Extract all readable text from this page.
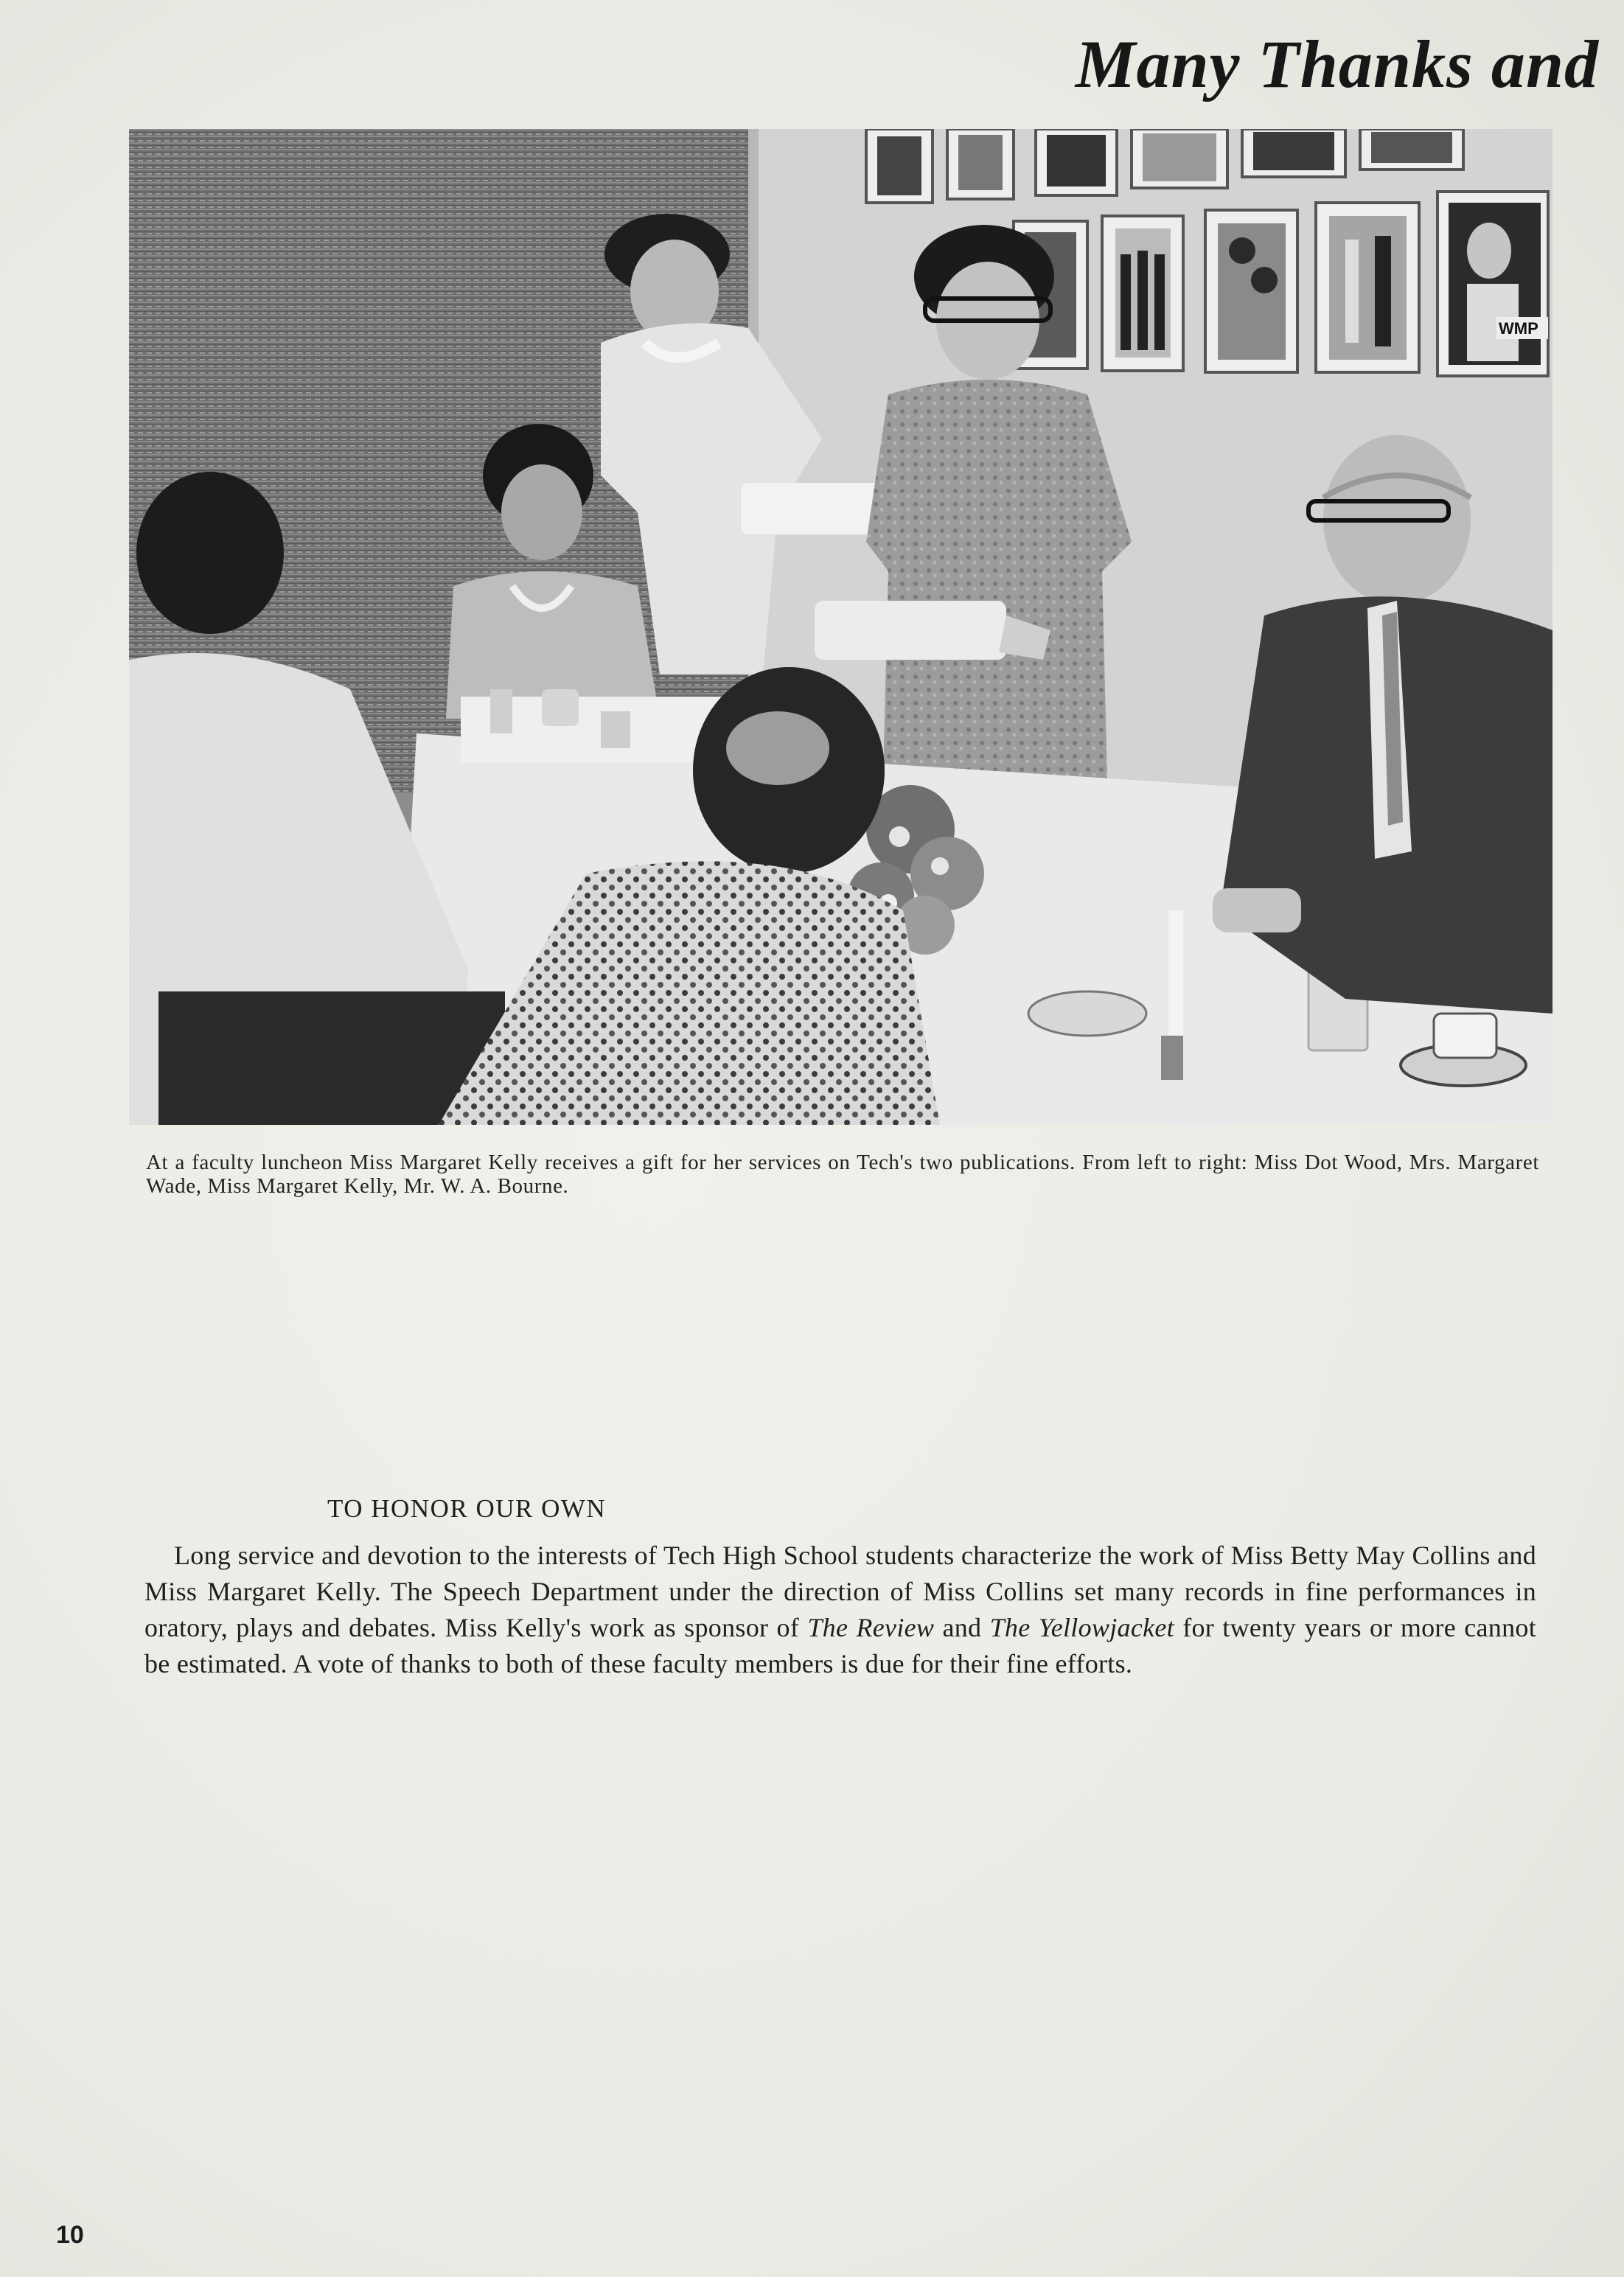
Many Thanks and
WMP

At a faculty luncheon Miss Margaret Kelly receives a gift for her services on Tech's two publications. From left to right: Miss Dot Wood, Mrs. Margaret Wade, Miss Margaret Kelly, Mr. W. A. Bourne.

TO HONOR OUR OWN

Long service and devotion to the interests of Tech High School students characterize the work of Miss Betty May Collins and Miss Margaret Kelly. The Speech Department under the direction of Miss Collins set many records in fine performances in oratory, plays and debates. Miss Kelly's work as sponsor of The Review and The Yellowjacket for twenty years or more cannot be estimated. A vote of thanks to both of these faculty members is due for their fine efforts.

10
